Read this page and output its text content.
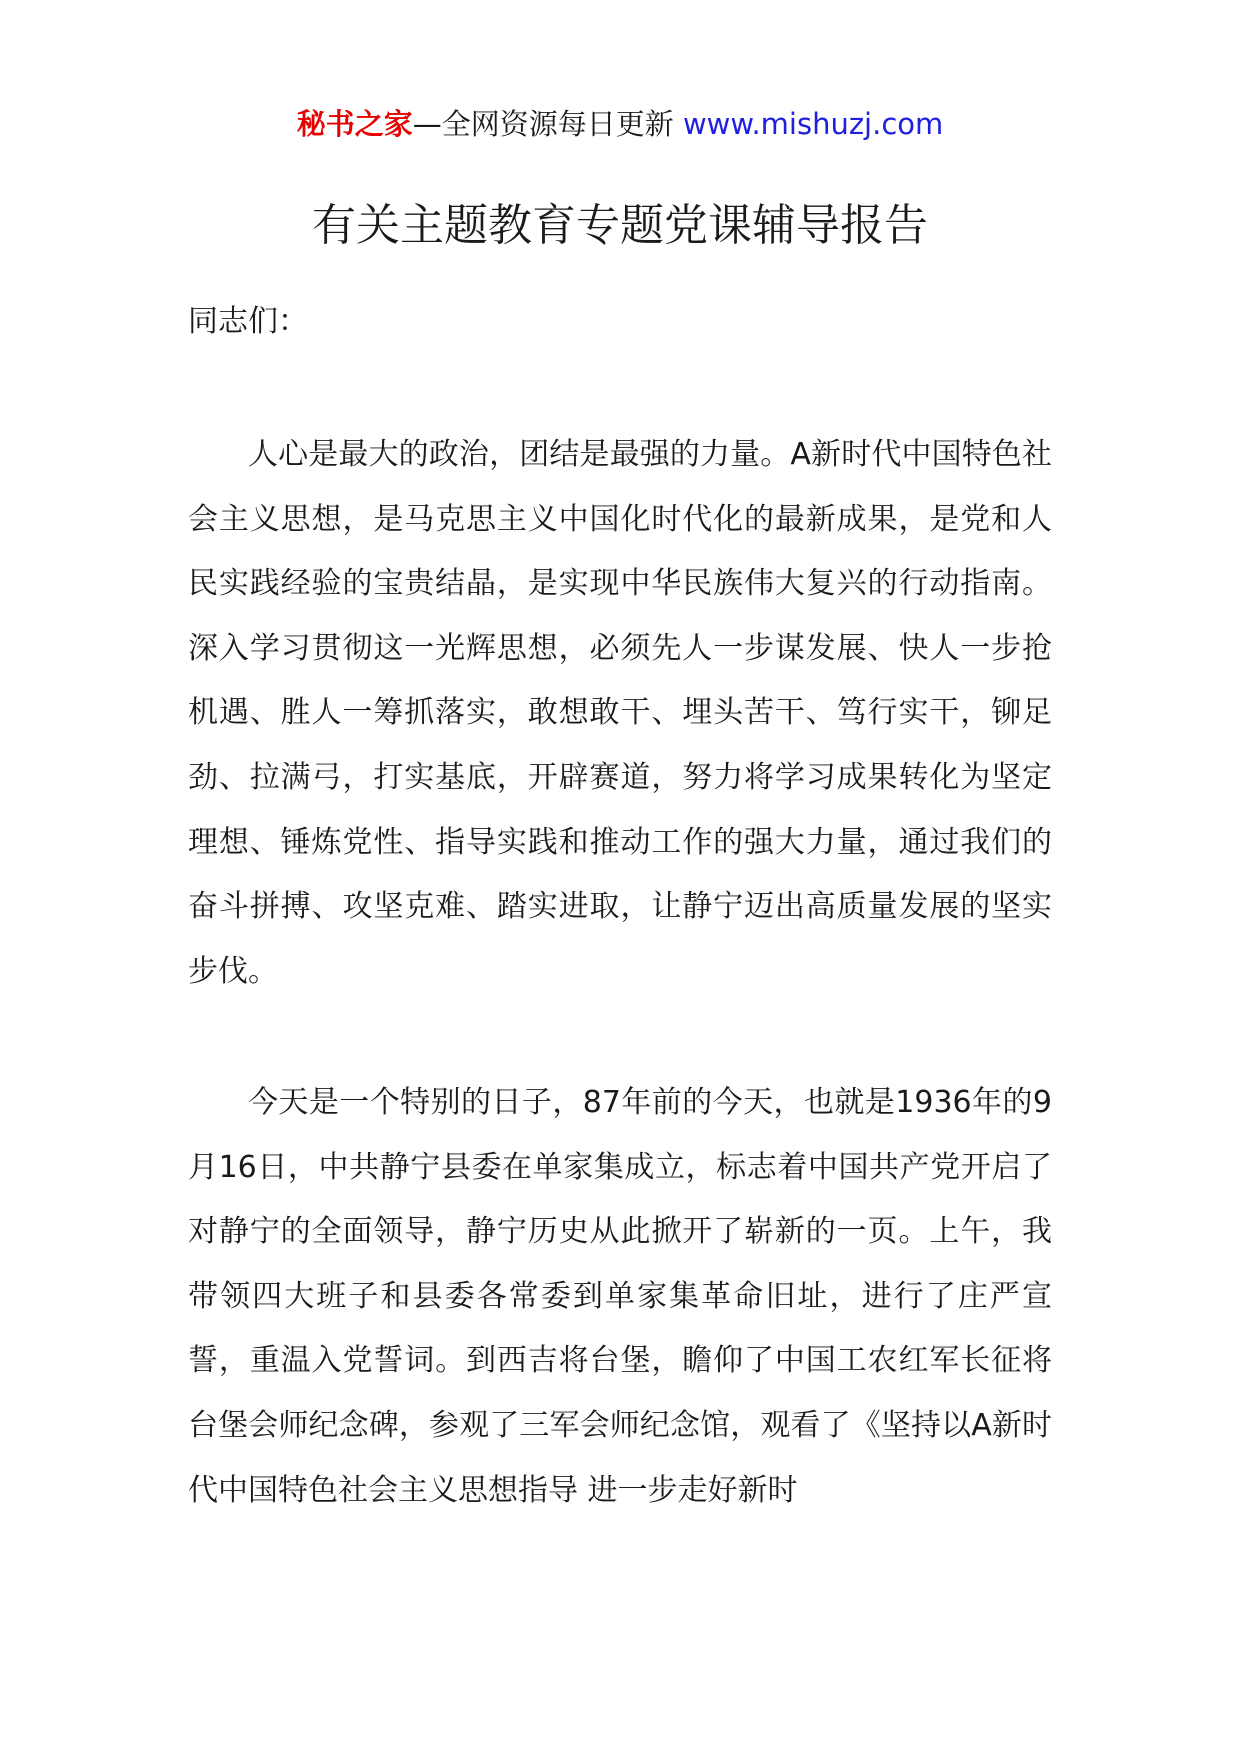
秘书之家—全网资源每日更新 www.mishuzj.com
有关主题教育专题党课辅导报告

同志们：

人心是最大的政治，团结是最强的力量。A新时代中国特色社会主义思想，是马克思主义中国化时代化的最新成果，是党和人民实践经验的宝贵结晶，是实现中华民族伟大复兴的行动指南。深入学习贯彻这一光辉思想，必须先人一步谋发展、快人一步抢机遇、胜人一筹抓落实，敢想敢干、埋头苦干、笃行实干，铆足劲、拉满弓，打实基底，开辟赛道，努力将学习成果转化为坚定理想、锤炼党性、指导实践和推动工作的强大力量，通过我们的奋斗拼搏、攻坚克难、踏实进取，让静宁迈出高质量发展的坚实步伐。

今天是一个特别的日子，87年前的今天，也就是1936年的9月16日，中共静宁县委在单家集成立，标志着中国共产党开启了对静宁的全面领导，静宁历史从此掀开了崭新的一页。上午，我带领四大班子和县委各常委到单家集革命旧址，进行了庄严宣誓，重温入党誓词。到西吉将台堡，瞻仰了中国工农红军长征将台堡会师纪念碑，参观了三军会师纪念馆，观看了《坚持以A新时代中国特色社会主义思想指导 进一步走好新时
